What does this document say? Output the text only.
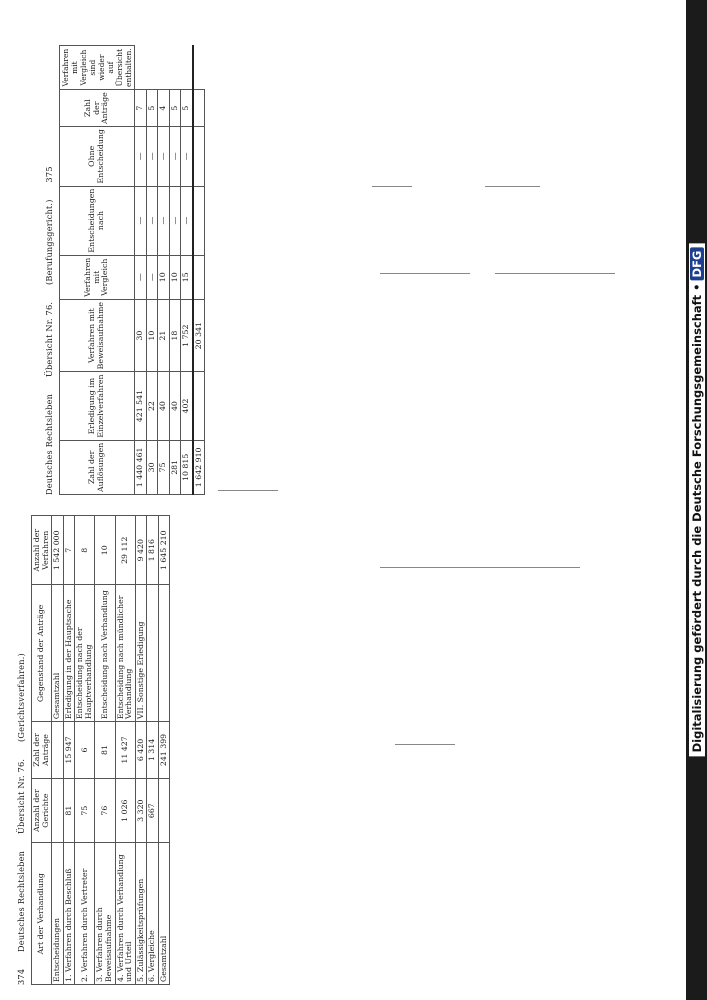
Deutsches Rechtsleben Übersicht Nr. 76. (Berufungsgericht.) 375
Zahl der Auflösungen	Erledigung im Einzelverfahren	Verfahren mit Beweisaufnahme	Verfahren mit Vergleich	Entscheidungen nach	Ohne Entscheidung	Zahl der Anträge	Verfahren mit Vergleich sind wieder auf Übersicht enthalten.
1 440 461	421 541	30	—	—	—	7	
30	22	10	—	—	—	5	
75	40	21	10	—	—	4	
281	40	18	10	—	—	5	
10 815	402	1 752	15	—	—	5	
1 642 910		20 341					
374 Deutsches Rechtsleben Übersicht Nr. 76. (Gerichtsverfahren.)
Art der Verhandlung	Anzahl der Gerichte	Zahl der Anträge	Gegenstand der Anträge	Anzahl der Verfahren
Entscheidungen			Gesamtzahl	1 542 000
1. Verfahren durch Beschluß	81	15 947	Erledigung in der Hauptsache	7
2. Verfahren durch Vertreter	75	6	Entscheidung nach der Hauptverhandlung	8
3. Verfahren durch Beweisaufnahme	76	81	Entscheidung nach Verhandlung	10
4. Verfahren durch Verhandlung und Urteil	1 026	11 427	Entscheidung nach mündlicher Verhandlung	29 112
5. Zulässigkeitsprüfungen	3 320	6 420	VII. Sonstige Erledigung	9 420
6. Vergleiche	667	1 314		1 816
Gesamtzahl		241 399		1 645 210	Digitalisierung gefördert durch die Deutsche Forschungsgemeinschaft •DFG
